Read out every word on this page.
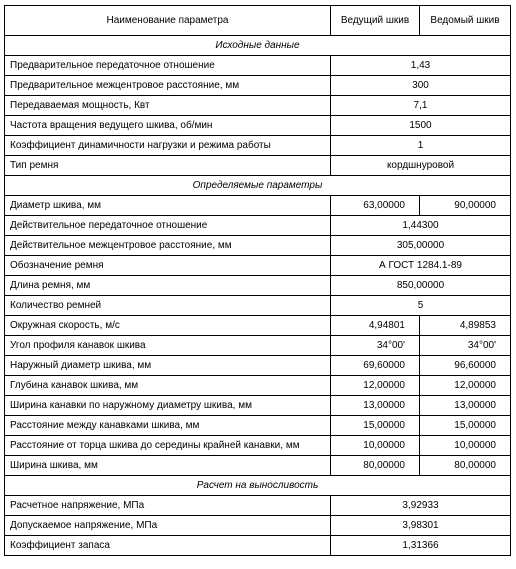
Наименование параметра	Ведущий шкив	Ведомый шкив
Исходные данные		
Предварительное передаточное отношение	1,43	
Предварительное межцентровое расстояние, мм	300	
Передаваемая мощность, Квт	7,1	
Частота вращения ведущего шкива, об/мин	1500	
Коэффициент динамичности нагрузки и режима работы	1	
Тип ремня	кордшнуровой	
Определяемые параметры		
Диаметр шкива, мм	63,00000	90,00000
Действительное передаточное отношение	1,44300	
Действительное межцентровое расстояние, мм	305,00000	
Обозначение ремня	А ГОСТ 1284.1-89	
Длина ремня, мм	850,00000	
Количество ремней	5	
Окружная скорость, м/с	4,94801	4,89853
Угол профиля канавок шкива	34°00'	34°00'
Наружный диаметр шкива, мм	69,60000	96,60000
Глубина канавок шкива, мм	12,00000	12,00000
Ширина канавки по наружному диаметру шкива, мм	13,00000	13,00000
Расстояние между канавками шкива, мм	15,00000	15,00000
Расстояние от торца шкива до середины крайней канавки, мм	10,00000	10,00000
Ширина шкива, мм	80,00000	80,00000
Расчет на выносливость		
Расчетное напряжение, МПа	3,92933	
Допускаемое напряжение, МПа	3,98301	
Коэффициент запаса	1,31366	
